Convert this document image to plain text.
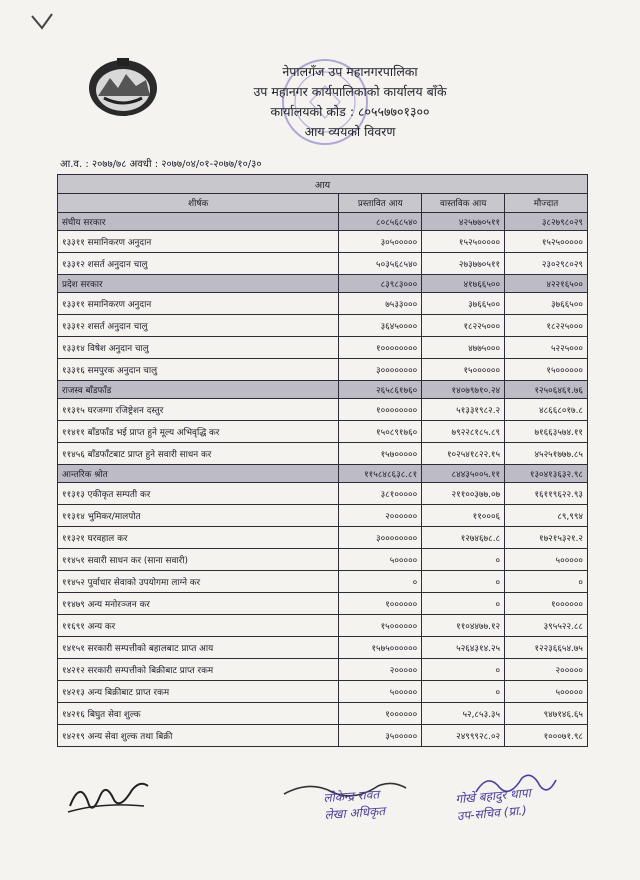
नेपालगँज उप महानगरपालिका
उप महानगर कार्यपालिकाको कार्यालय बाँके
कार्यालयको कोड : ८०५५७७०१३००
आय व्ययको विवरण
आ.व. : २०७७/७८ अवधी : २०७७/०४/०१-२०७७/१०/३०
आय			
शीर्षक	प्रस्तावित आय	वास्तविक आय	मौज्दात
संघीय सरकार	८०८५६८५४०	४२५७७०५११	३८२७९८०२९
१३३११ समानिकरण अनुदान	३०५०००००	१५२५०००००	१५२५०००००
१३३१२ शसर्त अनुदान चालु	५०३५६८५४०	२७३७७०५११	२३०२९८०२९
प्रदेश सरकार	८३९८३०००	४१७६६५००	४२२१६५००
१३३११ समानिकरण अनुदान	७५३३०००	३७६६५००	३७६६५००
१३३१२ शसर्त अनुदान चालु	३६४५००००	१८२२५०००	१८२२५०००
१३३१४ विषेश अनुदान चालु	१००००००००	४७७५०००	५२२५०००
१३३१६ समपुरक अनुदान चालु	३००००००००	१५००००००	१५००००००
राजस्व बाँडफाँड	२६५८६१७६०	१४०७९७१०.२४	१२५०६४६१.७६
११३१५ घरजग्गा रजिष्ट्रेशन दस्तुर	१००००००००	५१३३१९८२.२	४८६६८०१७.८
११४११ बाँडफाँड भई प्राप्त हुने मूल्य अभिवृद्धि कर	१५०८९१७६०	७९२२८१८५.८९	७१६६३५७४.११
११४५६ बाँडफाँटबाट प्राप्त हुने सवारी साधन कर	१५७०००००	१०२५४१८२२.१५	४५२५१७७७.८५
आन्तरिक श्रोत	११५८४८६३८.८१	८४४३५००५.११	१३०४१३६३२.९८
११३१३ एकीकृत सम्पती कर	३८१०००००	२११००३७७.०७	१६११९६२२.९३
११३१४ भुमिकर/मालपोत	२००००००	११०००६	८९,९९४
११३२१ घरवहाल कर	३००००००००	१२७४६७८.८	१७२१५३२१.२
११४५१ सवारी साधन कर (साना सवारी)	५०००००	०	५०००००
११४५२ पुर्वाधार सेवाको उपयोगमा लाग्ने कर	०	०	०
११४७९ अन्य मनोरञ्जन कर	१००००००	०	१००००००
११६९१ अन्य कर	१५००००००	११०४४७७.१२	३९५५२२.८८
१४१५१ सरकारी सम्पत्तीको बहालबाट प्राप्त आय	१५७५००००००	५२६४३१४.२५	१२२३६६५४.७५
१४२१२ सरकारी सम्पत्तीको बिक्रीबाट प्राप्त रकम	२०००००	०	२०००००
१४२१३ अन्य बिक्रीबाट प्राप्त रकम	५०००००	०	५०००००
१४२१६ बिघुत सेवा शुल्क	१००००००	५२,८५३.३५	९४७१४६.६५
१४२१९ अन्य सेवा शुल्क तथा बिक्री	३५०००००	२४९९९२८.०२	१०००७१.९८
लोकेन्द्र रावत
लेखा अधिकृत
गोखे बहादुर थापा
उप-सचिव (प्रा.)
